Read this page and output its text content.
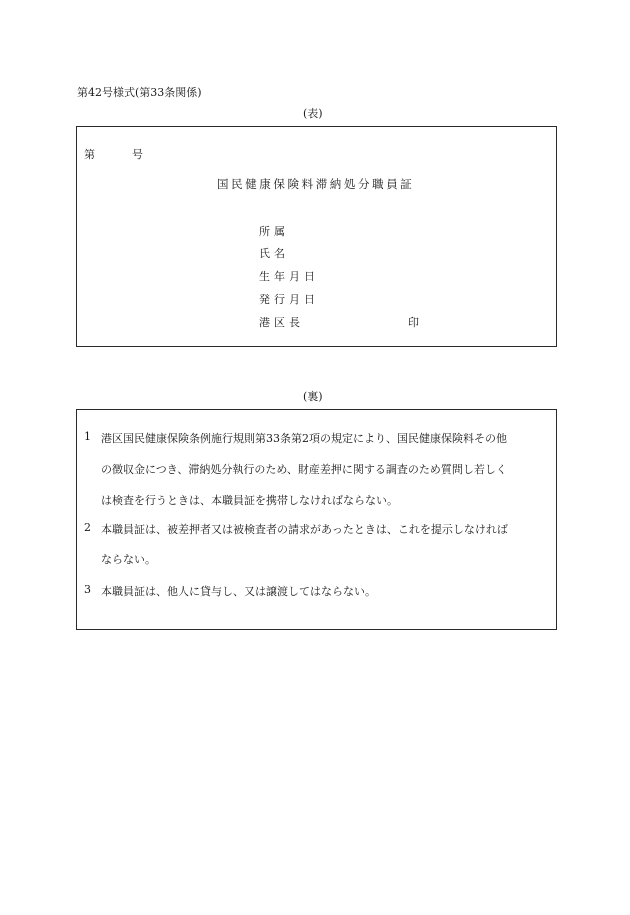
第42号様式(第33条関係)
(表)
第	号
国民健康保険料滞納処分職員証
所属
氏名
生年月日
発行月日
港区長	印
(裏)
1 港区国民健康保険条例施行規則第33条第2項の規定により、国民健康保険料その他
の徴収金につき、滞納処分執行のため、財産差押に関する調査のため質問し若しく
は検査を行うときは、本職員証を携帯しなければならない。
2 本職員証は、被差押者又は被検査者の請求があったときは、これを提示しなければ
ならない。
3 本職員証は、他人に貸与し、又は譲渡してはならない。
